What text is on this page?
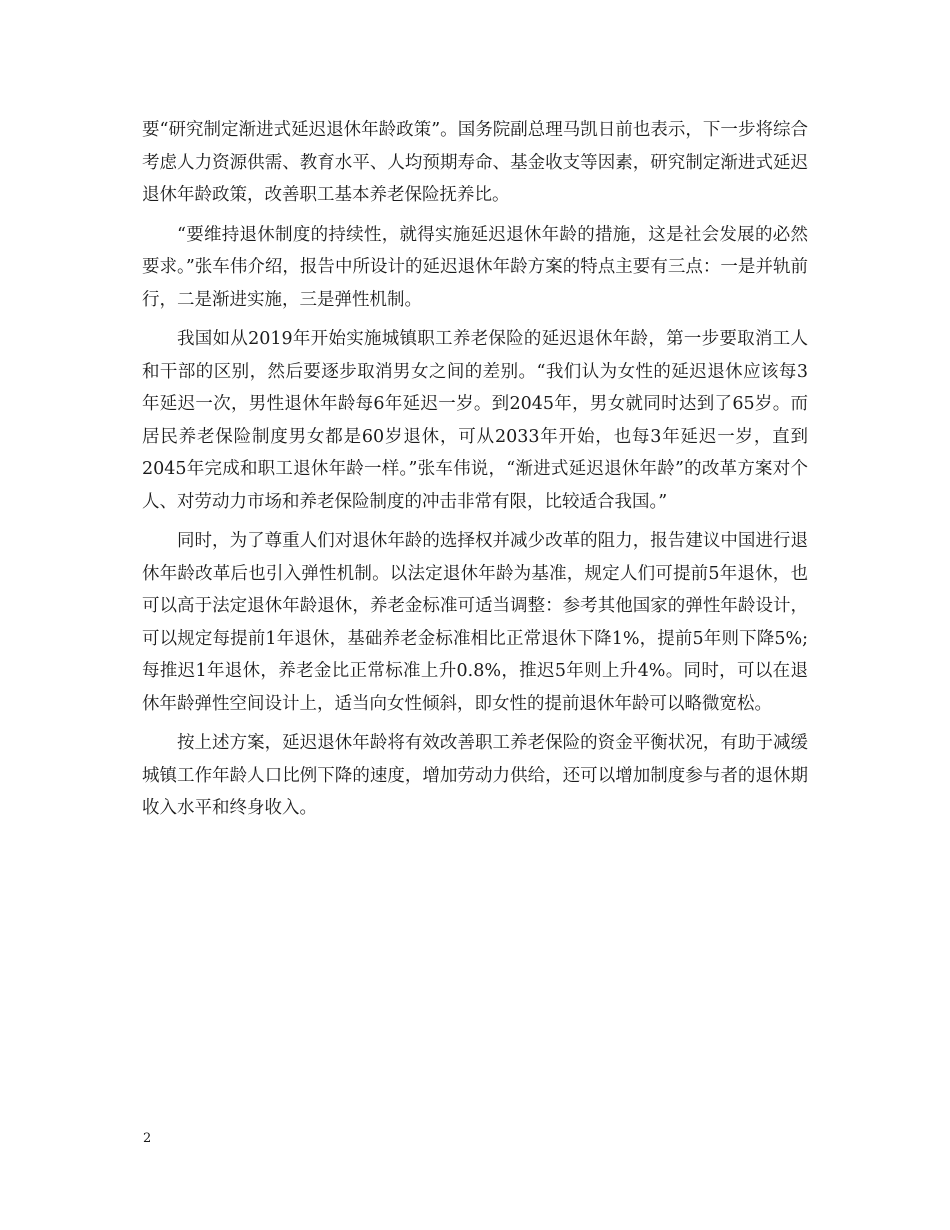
要“研究制定渐进式延迟退休年龄政策”。国务院副总理马凯日前也表示，下一步将综合考虑人力资源供需、教育水平、人均预期寿命、基金收支等因素，研究制定渐进式延迟退休年龄政策，改善职工基本养老保险抚养比。

“要维持退休制度的持续性，就得实施延迟退休年龄的措施，这是社会发展的必然要求。”张车伟介绍，报告中所设计的延迟退休年龄方案的特点主要有三点：一是并轨前行，二是渐进实施，三是弹性机制。

我国如从2019年开始实施城镇职工养老保险的延迟退休年龄，第一步要取消工人和干部的区别，然后要逐步取消男女之间的差别。“我们认为女性的延迟退休应该每3年延迟一次，男性退休年龄每6年延迟一岁。到2045年，男女就同时达到了65岁。而居民养老保险制度男女都是60岁退休，可从2033年开始，也每3年延迟一岁，直到2045年完成和职工退休年龄一样。”张车伟说，“渐进式延迟退休年龄”的改革方案对个人、对劳动力市场和养老保险制度的冲击非常有限，比较适合我国。”

同时，为了尊重人们对退休年龄的选择权并减少改革的阻力，报告建议中国进行退休年龄改革后也引入弹性机制。以法定退休年龄为基准，规定人们可提前5年退休，也可以高于法定退休年龄退休，养老金标准可适当调整：参考其他国家的弹性年龄设计，可以规定每提前1年退休，基础养老金标准相比正常退休下降1%，提前5年则下降5%;每推迟1年退休，养老金比正常标准上升0.8%，推迟5年则上升4%。同时，可以在退休年龄弹性空间设计上，适当向女性倾斜，即女性的提前退休年龄可以略微宽松。

按上述方案，延迟退休年龄将有效改善职工养老保险的资金平衡状况，有助于减缓城镇工作年龄人口比例下降的速度，增加劳动力供给，还可以增加制度参与者的退休期收入水平和终身收入。

2
